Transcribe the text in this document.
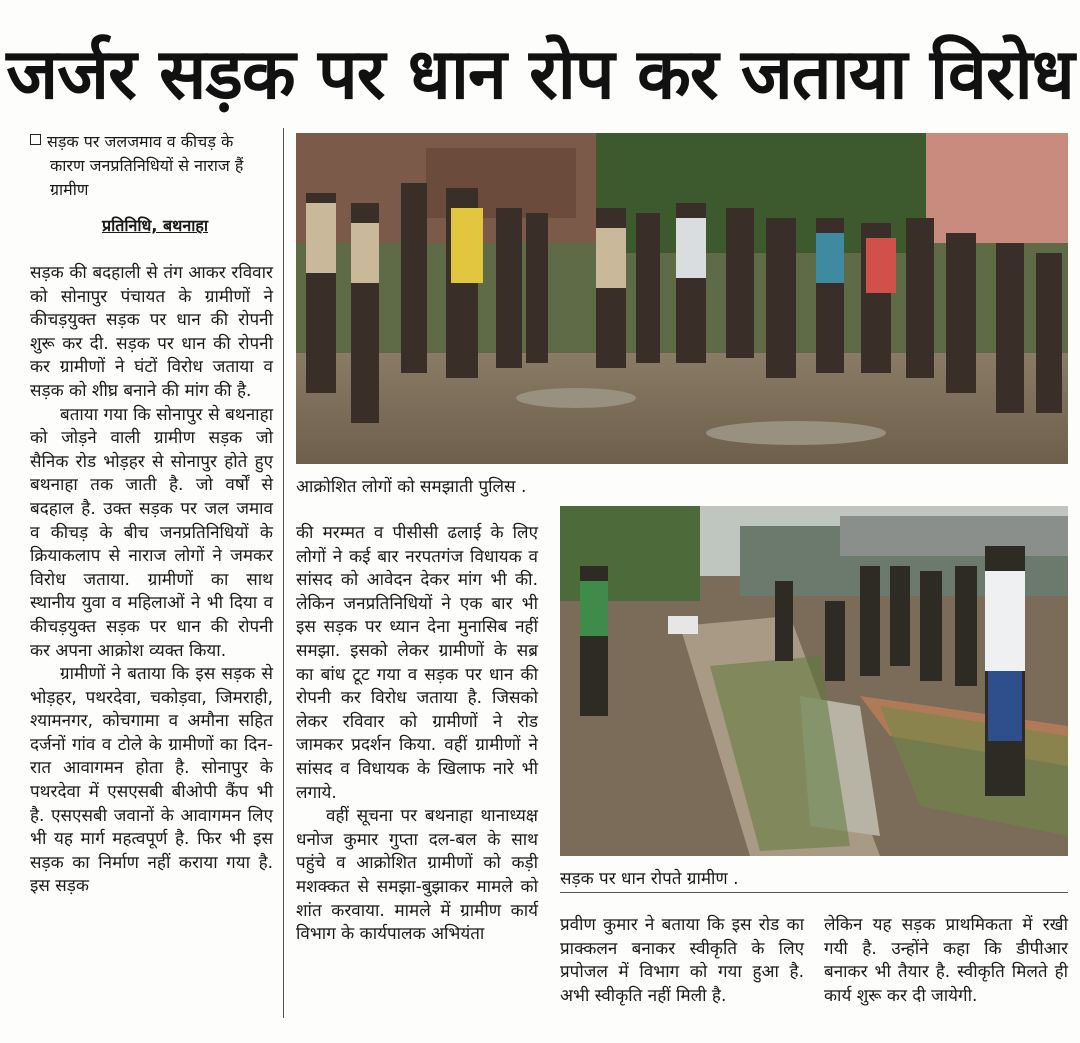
जर्जर सड़क पर धान रोप कर जताया विरोध
सड़क पर जलजमाव व कीचड़ के
कारण जनप्रतिनिधियों से नाराज हैं
ग्रामीण
प्रतिनिधि, बथनाहा

सड़क की बदहाली से तंग आकर रविवार को सोनापुर पंचायत के ग्रामीणों ने कीचड़युक्त सड़क पर धान की रोपनी शुरू कर दी. सड़क पर धान की रोपनी कर ग्रामीणों ने घंटों विरोध जताया व सड़क को शीघ्र बनाने की मांग की है.

बताया गया कि सोनापुर से बथनाहा को जोड़ने वाली ग्रामीण सड़क जो सैनिक रोड भोड़हर से सोनापुर होते हुए बथनाहा तक जाती है. जो वर्षों से बदहाल है. उक्त सड़क पर जल जमाव व कीचड़ के बीच जनप्रतिनिधियों के क्रियाकलाप से नाराज लोगों ने जमकर विरोध जताया. ग्रामीणों का साथ स्थानीय युवा व महिलाओं ने भी दिया व कीचड़युक्त सड़क पर धान की रोपनी कर अपना आक्रोश व्यक्त किया.

ग्रामीणों ने बताया कि इस सड़क से भोड़हर, पथरदेवा, चकोड़वा, जिमराही, श्यामनगर, कोचगामा व अमौना सहित दर्जनों गांव व टोले के ग्रामीणों का दिन-रात आवागमन होता है. सोनापुर के पथरदेवा में एसएसबी बीओपी कैंप भी है. एसएसबी जवानों के आवागमन लिए भी यह मार्ग महत्वपूर्ण है. फिर भी इस सड़क का निर्माण नहीं कराया गया है. इस सड़क

आक्रोशित लोगों को समझाती पुलिस .

की मरम्मत व पीसीसी ढलाई के लिए लोगों ने कई बार नरपतगंज विधायक व सांसद को आवेदन देकर मांग भी की. लेकिन जनप्रतिनिधियों ने एक बार भी इस सड़क पर ध्यान देना मुनासिब नहीं समझा. इसको लेकर ग्रामीणों के सब्र का बांध टूट गया व सड़क पर धान की रोपनी कर विरोध जताया है. जिसको लेकर रविवार को ग्रामीणों ने रोड जामकर प्रदर्शन किया. वहीं ग्रामीणों ने सांसद व विधायक के खिलाफ नारे भी लगाये.

वहीं सूचना पर बथनाहा थानाध्यक्ष धनोज कुमार गुप्ता दल-बल के साथ पहुंचे व आक्रोशित ग्रामीणों को कड़ी मशक्कत से समझा-बुझाकर मामले को शांत करवाया. मामले में ग्रामीण कार्य विभाग के कार्यपालक अभियंता

सड़क पर धान रोपते ग्रामीण .

प्रवीण कुमार ने बताया कि इस रोड का प्राक्कलन बनाकर स्वीकृति के लिए प्रपोजल में विभाग को गया हुआ है. अभी स्वीकृति नहीं मिली है.

लेकिन यह सड़क प्राथमिकता में रखी गयी है. उन्होंने कहा कि डीपीआर बनाकर भी तैयार है. स्वीकृति मिलते ही कार्य शुरू कर दी जायेगी.
